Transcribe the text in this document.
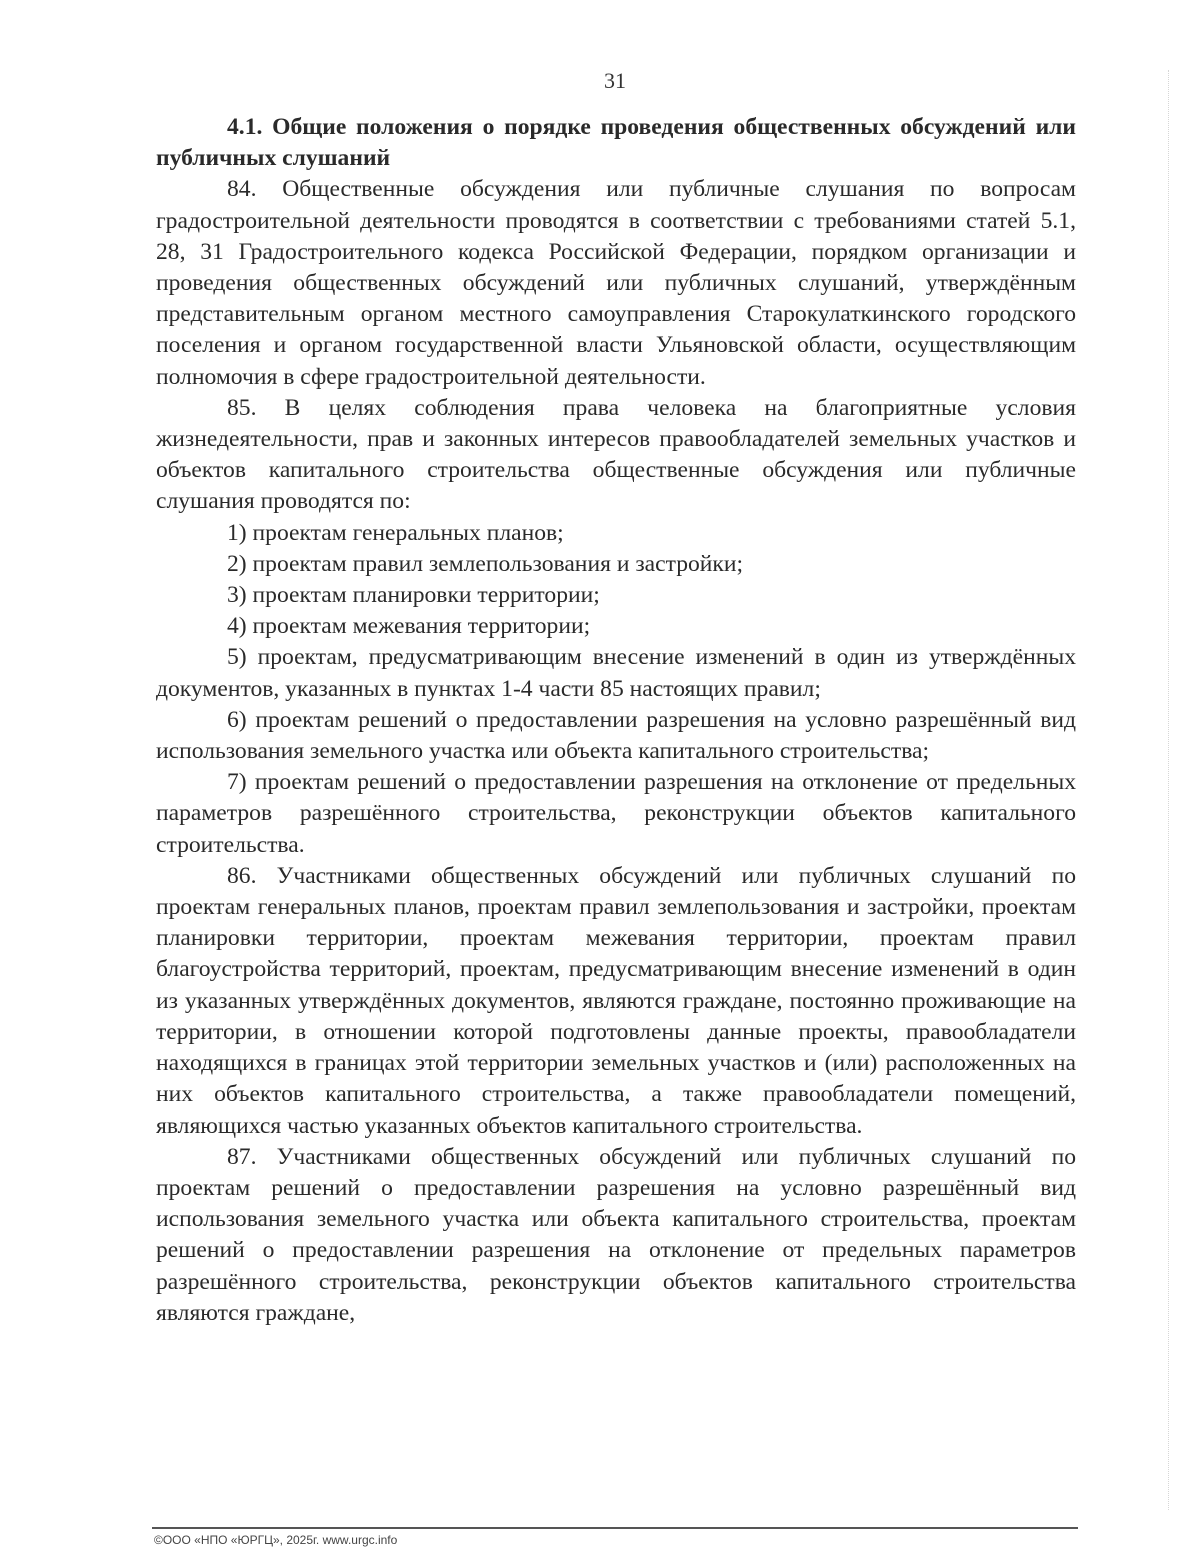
31

4.1. Общие положения о порядке проведения общественных обсуждений или публичных слушаний

84. Общественные обсуждения или публичные слушания по вопросам градостроительной деятельности проводятся в соответствии с требованиями статей 5.1, 28, 31 Градостроительного кодекса Российской Федерации, порядком организации и проведения общественных обсуждений или публичных слушаний, утверждённым представительным органом местного самоуправления Старокулаткинского городского поселения и органом государственной власти Ульяновской области, осуществляющим полномочия в сфере градостроительной деятельности.

85. В целях соблюдения права человека на благоприятные условия жизнедеятельности, прав и законных интересов правообладателей земельных участков и объектов капитального строительства общественные обсуждения или публичные слушания проводятся по:

1) проектам генеральных планов;

2) проектам правил землепользования и застройки;

3) проектам планировки территории;

4) проектам межевания территории;

5) проектам, предусматривающим внесение изменений в один из утверждённых документов, указанных в пунктах 1-4 части 85 настоящих правил;

6) проектам решений о предоставлении разрешения на условно разрешённый вид использования земельного участка или объекта капитального строительства;

7) проектам решений о предоставлении разрешения на отклонение от предельных параметров разрешённого строительства, реконструкции объектов капитального строительства.

86. Участниками общественных обсуждений или публичных слушаний по проектам генеральных планов, проектам правил землепользования и застройки, проектам планировки территории, проектам межевания территории, проектам правил благоустройства территорий, проектам, предусматривающим внесение изменений в один из указанных утверждённых документов, являются граждане, постоянно проживающие на территории, в отношении которой подготовлены данные проекты, правообладатели находящихся в границах этой территории земельных участков и (или) расположенных на них объектов капитального строительства, а также правообладатели помещений, являющихся частью указанных объектов капитального строительства.

87. Участниками общественных обсуждений или публичных слушаний по проектам решений о предоставлении разрешения на условно разрешённый вид использования земельного участка или объекта капитального строительства, проектам решений о предоставлении разрешения на отклонение от предельных параметров разрешённого строительства, реконструкции объектов капитального строительства являются граждане,

©ООО «НПО «ЮРГЦ», 2025г. www.urgc.info
